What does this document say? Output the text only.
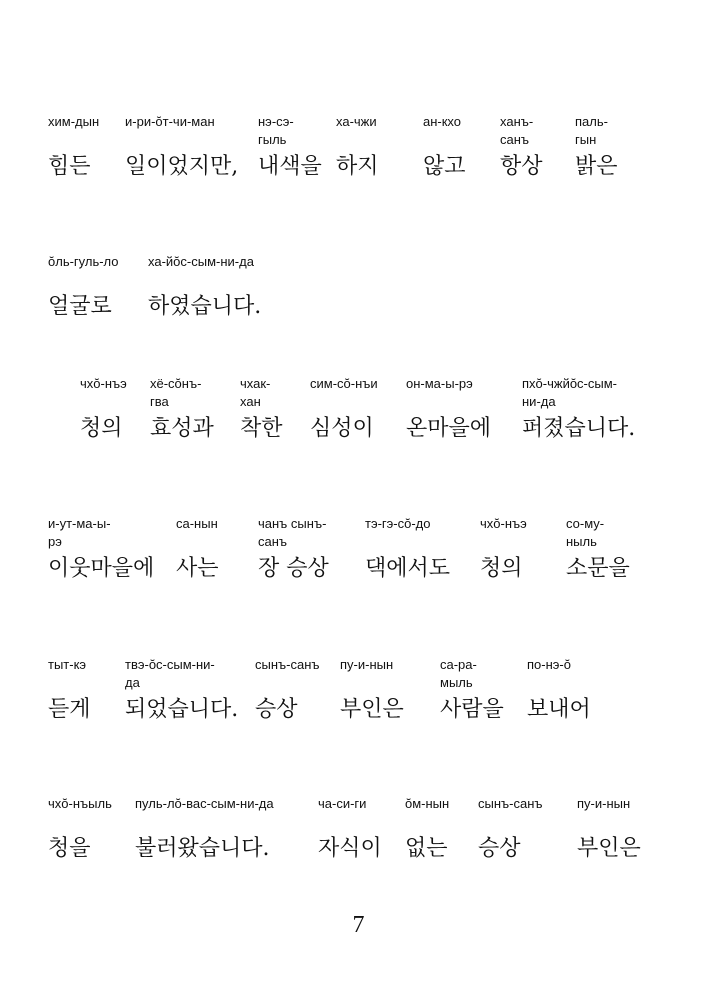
хим-дын
힘든
и-ри-ŏт-чи-ман
일이었지만,
нэ-сэ-
гыль
내색을
ха-чжи
하지
ан-кхо
않고
ханъ-
санъ
항상
паль-
гын
밝은
ŏль-гуль-ло
얼굴로
ха-йŏс-сым-ни-да
하였습니다.
чхŏ-нъэ
청의
хё-сŏнъ-
гва
효성과
чхак-
хан
착한
сим-сŏ-нъи
심성이
он-ма-ы-рэ
온마을에
пхŏ-чжйŏс-сым-
ни-да
퍼졌습니다.
и-ут-ма-ы-
рэ
이웃마을에
са-нын
사는
чанъ сынъ-
санъ
장 승상
тэ-гэ-сŏ-до
댁에서도
чхŏ-нъэ
청의
со-му-
ныль
소문을
тыт-кэ
듣게
твэ-ŏс-сым-ни-
да
되었습니다.
сынъ-санъ
승상
пу-и-нын
부인은
са-ра-
мыль
사람을
по-нэ-ŏ
보내어
чхŏ-нъыль
청을
пуль-лŏ-вас-сым-ни-да
불러왔습니다.
ча-си-ги
자식이
ŏм-нын
없는
сынъ-санъ
승상
пу-и-нын
부인은
7
